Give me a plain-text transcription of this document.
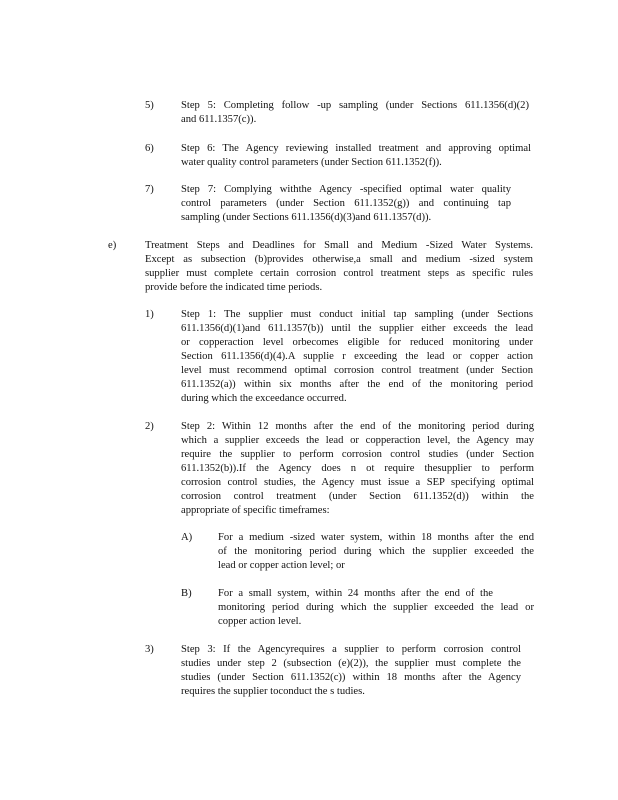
5)	Step 5: Completing follow -up sampling (under Sections 611.1356(d)(2)
and 611.1357(c)).
6)	Step 6: The Agency reviewing installed treatment and approving optimal
water quality control parameters (under Section 611.1352(f)).
7)	Step 7: Complying withthe Agency -specified optimal water quality
control parameters (under Section 611.1352(g)) and continuing tap
sampling (under Sections 611.1356(d)(3)and 611.1357(d)).
e)	Treatment Steps and Deadlines for Small and Medium -Sized Water Systems.
Except as subsection (b)provides otherwise,a small and medium -sized system
supplier must complete certain corrosion control treatment steps as specific rules
provide before the indicated time periods.
1)	Step 1: The supplier must conduct initial tap sampling (under Sections
611.1356(d)(1)and 611.1357(b)) until the supplier either exceeds the lead
or copperaction level orbecomes eligible for reduced monitoring under
Section 611.1356(d)(4).A supplie r exceeding the lead or copper action
level must recommend optimal corrosion control treatment (under Section
611.1352(a)) within six months after the end of the monitoring period
during which the exceedance occurred.
2)	Step 2: Within 12 months after the end of the monitoring period during
which a supplier exceeds the lead or copperaction level, the Agency may
require the supplier to perform corrosion control studies (under Section
611.1352(b)).If the Agency does n ot require thesupplier to perform
corrosion control studies, the Agency must issue a SEP specifying optimal
corrosion control treatment (under Section 611.1352(d)) within the
appropriate of specific timeframes:
A) For a medium -sized water system, within 18 months after the end
of the monitoring period during which the supplier exceeded the
lead or copper action level; or
B) For a small system, within 24 months after the end of the
monitoring period during which the supplier exceeded the lead or
copper action level.
3)	Step 3: If the Agencyrequires a supplier to perform corrosion control
studies under step 2 (subsection (e)(2)), the supplier must complete the
studies (under Section 611.1352(c)) within 18 months after the Agency
requires the supplier toconduct the s tudies.
